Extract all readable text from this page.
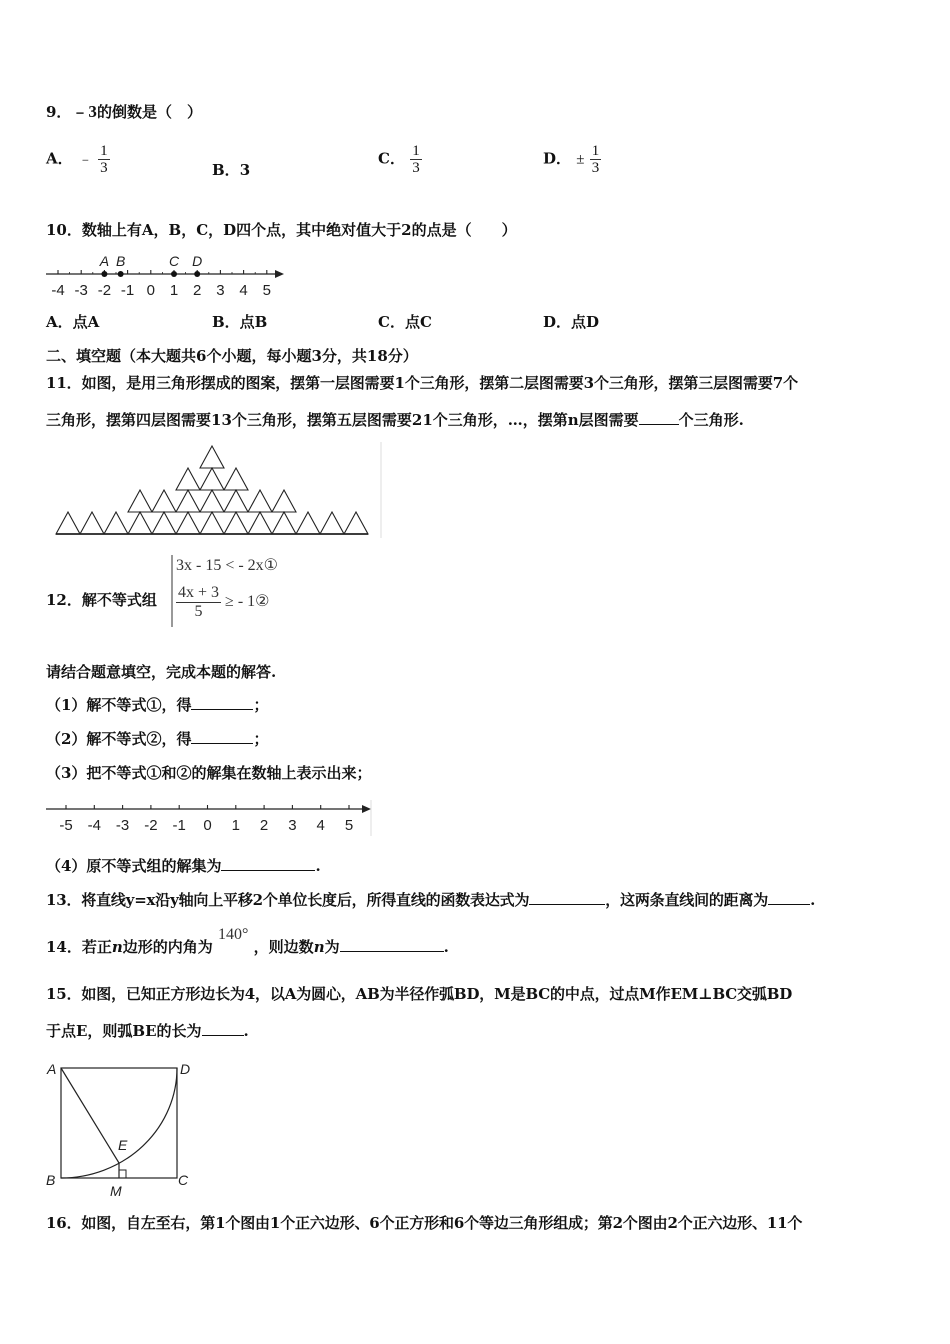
9．﹣3的倒数是（　）
A． ﹣ $\frac{1}{3}$	B．3
C． $\frac{1}{3}$	D． ± $\frac{1}{3}$
10．数轴上有A，B，C，D四个点，其中绝对值大于2的点是（　　）
-4 -3 -2 -1 0 1 2 3 4 5
A B	C D
A．点A	B．点B	C．点C	D．点D
二、填空题（本大题共6个小题，每小题3分，共18分）
11．如图，是用三角形摆成的图案，摆第一层图需要1个三角形，摆第二层图需要3个三角形，摆第三层图需要7个
三角形，摆第四层图需要13个三角形，摆第五层图需要21个三角形，…，摆第n层图需要	个三角形.
12．解不等式组
3x - 15 < - 2x①
$\frac{4x + 3}{5}$ ≥ - 1②
请结合题意填空，完成本题的解答.
（1）解不等式①，得	；
（2）解不等式②，得	；
（3）把不等式①和②的解集在数轴上表示出来；
-5 -4 -3 -2 -1 0 1 2 3 4 5
（4）原不等式组的解集为	.
13．将直线y=x沿y轴向上平移2个单位长度后，所得直线的函数表达式为	，这两条直线间的距离为	.
14．若正n边形的内角为 140° ，则边数n为	.
15．如图，已知正方形边长为4，以A为圆心，AB为半径作弧BD，M是BC的中点，过点M作EM⊥BC交弧BD
于点E，则弧BE的长为	.
A	D
B	C
E
M
16．如图，自左至右，第1个图由1个正六边形、6个正方形和6个等边三角形组成；第2个图由2个正六边形、11个
